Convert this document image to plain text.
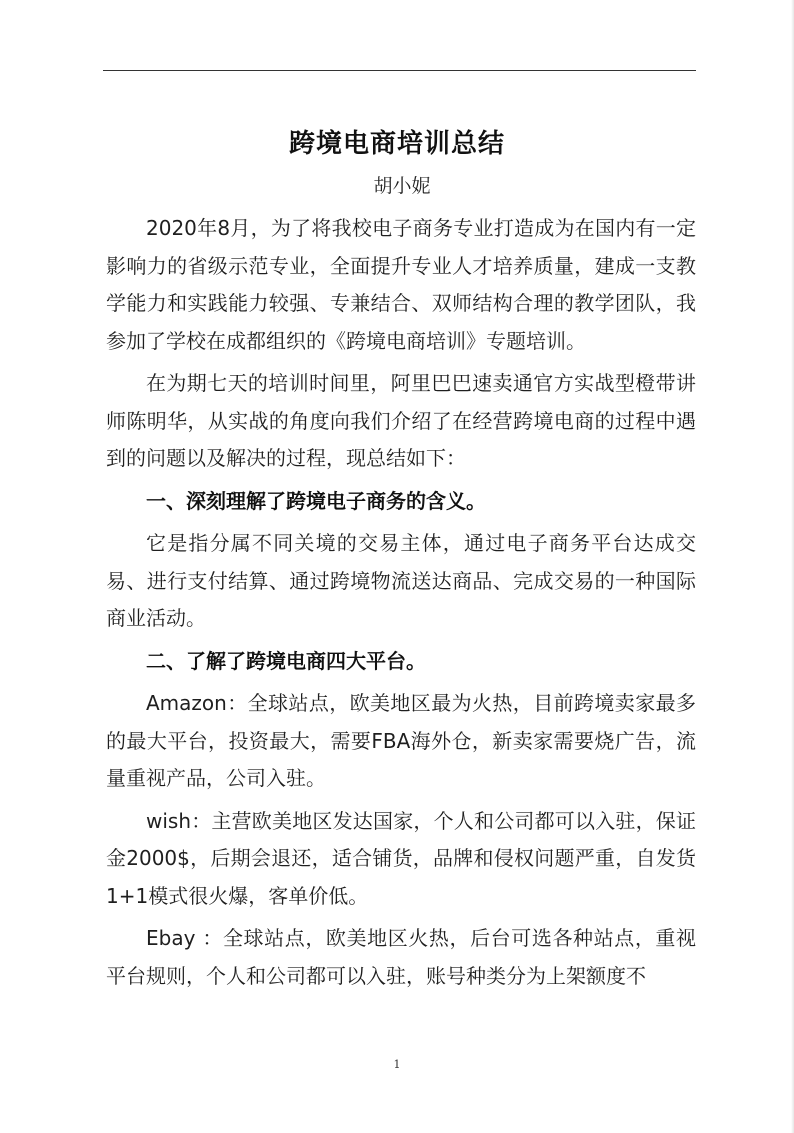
跨境电商培训总结
胡小妮

2020年8月，为了将我校电子商务专业打造成为在国内有一定影响力的省级示范专业，全面提升专业人才培养质量，建成一支教学能力和实践能力较强、专兼结合、双师结构合理的教学团队，我参加了学校在成都组织的《跨境电商培训》专题培训。

在为期七天的培训时间里，阿里巴巴速卖通官方实战型橙带讲师陈明华，从实战的角度向我们介绍了在经营跨境电商的过程中遇到的问题以及解决的过程，现总结如下：

一、深刻理解了跨境电子商务的含义。

它是指分属不同关境的交易主体，通过电子商务平台达成交易、进行支付结算、通过跨境物流送达商品、完成交易的一种国际商业活动。

二、了解了跨境电商四大平台。

Amazon：全球站点，欧美地区最为火热，目前跨境卖家最多的最大平台，投资最大，需要FBA海外仓，新卖家需要烧广告，流量重视产品，公司入驻。

wish：主营欧美地区发达国家，个人和公司都可以入驻，保证金2000$，后期会退还，适合铺货，品牌和侵权问题严重，自发货1+1模式很火爆，客单价低。

Ebay ：全球站点，欧美地区火热，后台可选各种站点，重视平台规则，个人和公司都可以入驻，账号种类分为上架额度不

1
